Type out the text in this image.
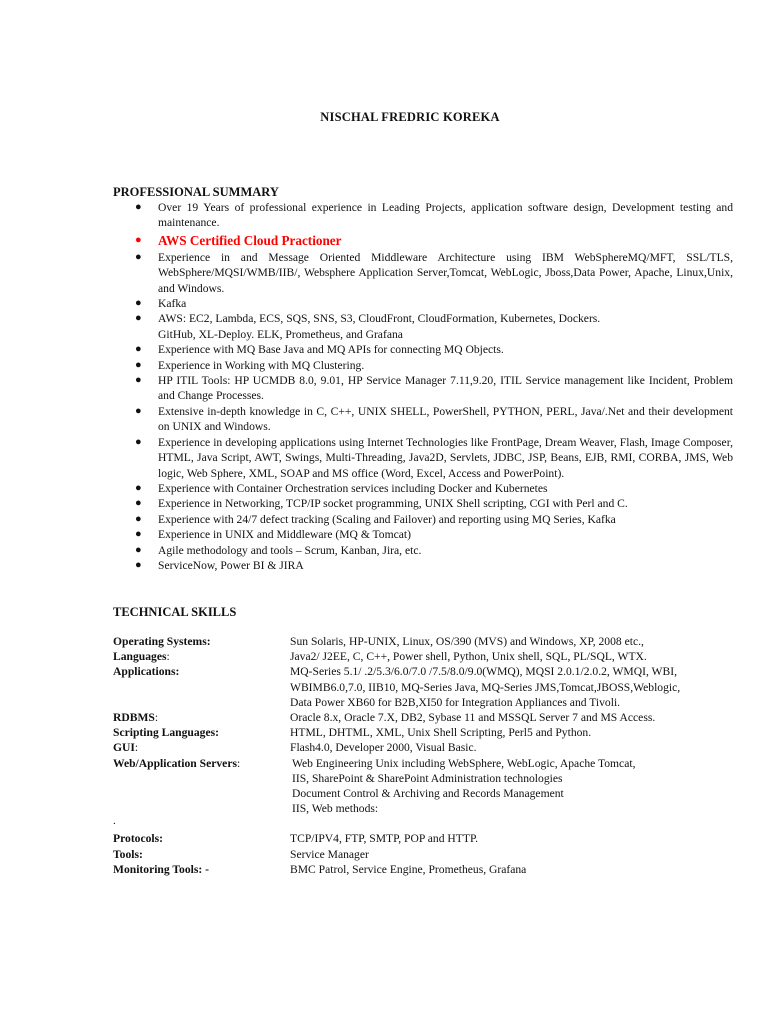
NISCHAL FREDRIC KOREKA
PROFESSIONAL SUMMARY
● Over 19 Years of professional experience in Leading Projects, application software design, Development testing and maintenance.
● AWS Certified Cloud Practioner
● Experience in and Message Oriented Middleware Architecture using IBM WebSphereMQ/MFT, SSL/TLS, WebSphere/MQSI/WMB/IIB/, Websphere Application Server,Tomcat, WebLogic, Jboss,Data Power, Apache, Linux,Unix, and Windows.
● Kafka
● AWS: EC2, Lambda, ECS, SQS, SNS, S3, CloudFront, CloudFormation, Kubernetes, Dockers.
GitHub, XL-Deploy. ELK, Prometheus, and Grafana
● Experience with MQ Base Java and MQ APIs for connecting MQ Objects.
● Experience in Working with MQ Clustering.
● HP ITIL Tools: HP UCMDB 8.0, 9.01, HP Service Manager 7.11,9.20, ITIL Service management like Incident, Problem and Change Processes.
● Extensive in-depth knowledge in C, C++, UNIX SHELL, PowerShell, PYTHON, PERL, Java/.Net and their development on UNIX and Windows.
● Experience in developing applications using Internet Technologies like FrontPage, Dream Weaver, Flash, Image Composer, HTML, Java Script, AWT, Swings, Multi-Threading, Java2D, Servlets, JDBC, JSP, Beans, EJB, RMI, CORBA, JMS, Web logic, Web Sphere, XML, SOAP and MS office (Word, Excel, Access and PowerPoint).
● Experience with Container Orchestration services including Docker and Kubernetes
● Experience in Networking, TCP/IP socket programming, UNIX Shell scripting, CGI with Perl and C.
● Experience with 24/7 defect tracking (Scaling and Failover) and reporting using MQ Series, Kafka
● Experience in UNIX and Middleware (MQ & Tomcat)
● Agile methodology and tools – Scrum, Kanban, Jira, etc.
● ServiceNow, Power BI & JIRA
TECHNICAL SKILLS
Operating Systems:	Sun Solaris, HP-UNIX, Linux, OS/390 (MVS) and Windows, XP, 2008 etc.,
Languages:	Java2/ J2EE, C, C++, Power shell, Python, Unix shell, SQL, PL/SQL, WTX.
Applications:	MQ-Series 5.1/ .2/5.3/6.0/7.0 /7.5/8.0/9.0(WMQ), MQSI 2.0.1/2.0.2, WMQI, WBI,
WBIMB6.0,7.0, IIB10, MQ-Series Java, MQ-Series JMS,Tomcat,JBOSS,Weblogic,
Data Power XB60 for B2B,XI50 for Integration Appliances and Tivoli.
RDBMS:	Oracle 8.x, Oracle 7.X, DB2, Sybase 11 and MSSQL Server 7 and MS Access.
Scripting Languages:	HTML, DHTML, XML, Unix Shell Scripting, Perl5 and Python.
GUI:	Flash4.0, Developer 2000, Visual Basic.
Web/Application Servers:	Web Engineering Unix including WebSphere, WebLogic, Apache Tomcat,
IIS, SharePoint & SharePoint Administration technologies
Document Control & Archiving and Records Management
IIS, Web methods:
.
Protocols:	TCP/IPV4, FTP, SMTP, POP and HTTP.
Tools:	Service Manager
Monitoring Tools: -	BMC Patrol, Service Engine, Prometheus, Grafana
